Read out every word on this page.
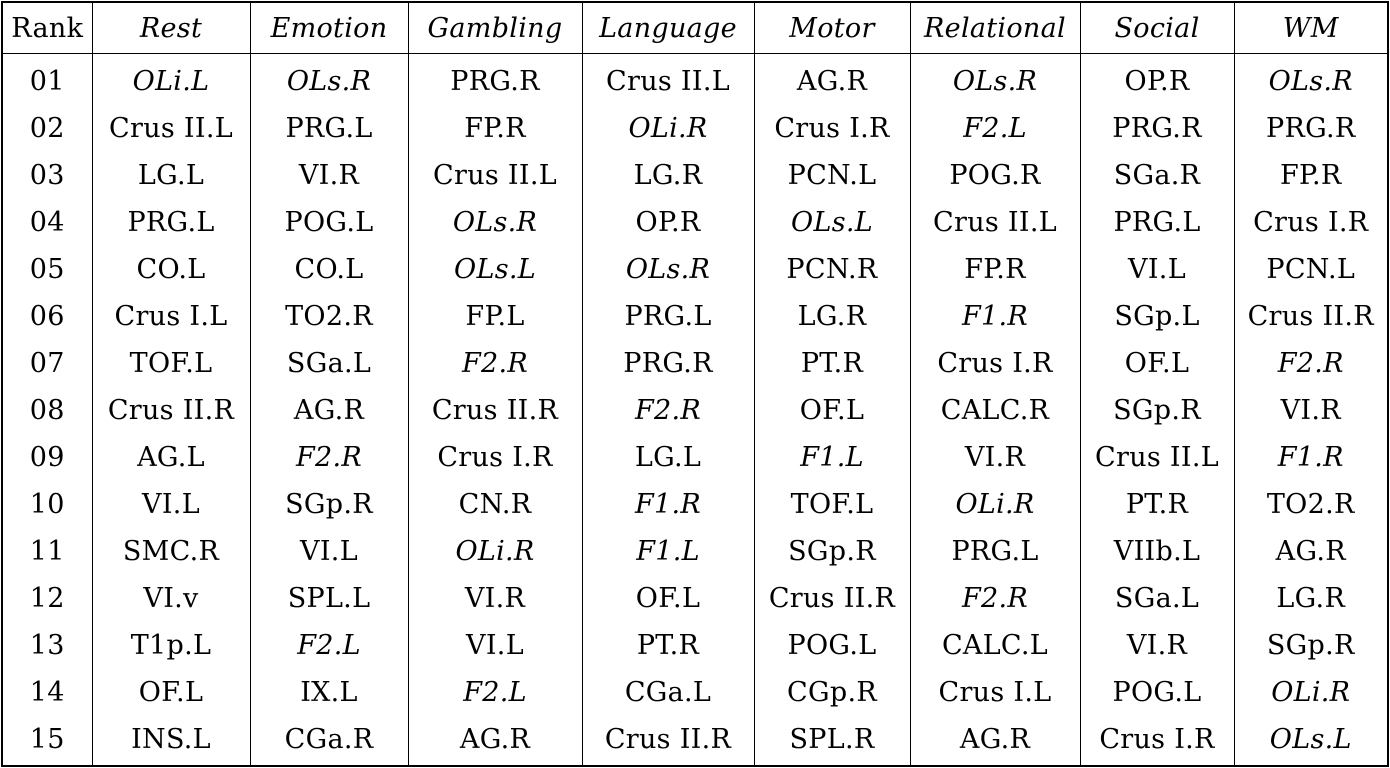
Rank	Rest	Emotion	Gambling	Language	Motor	Relational	Social	WM
01	OLi.L	OLs.R	PRG.R	Crus II.L	AG.R	OLs.R	OP.R	OLs.R
02	Crus II.L	PRG.L	FP.R	OLi.R	Crus I.R	F2.L	PRG.R	PRG.R
03	LG.L	VI.R	Crus II.L	LG.R	PCN.L	POG.R	SGa.R	FP.R
04	PRG.L	POG.L	OLs.R	OP.R	OLs.L	Crus II.L	PRG.L	Crus I.R
05	CO.L	CO.L	OLs.L	OLs.R	PCN.R	FP.R	VI.L	PCN.L
06	Crus I.L	TO2.R	FP.L	PRG.L	LG.R	F1.R	SGp.L	Crus II.R
07	TOF.L	SGa.L	F2.R	PRG.R	PT.R	Crus I.R	OF.L	F2.R
08	Crus II.R	AG.R	Crus II.R	F2.R	OF.L	CALC.R	SGp.R	VI.R
09	AG.L	F2.R	Crus I.R	LG.L	F1.L	VI.R	Crus II.L	F1.R
10	VI.L	SGp.R	CN.R	F1.R	TOF.L	OLi.R	PT.R	TO2.R
11	SMC.R	VI.L	OLi.R	F1.L	SGp.R	PRG.L	VIIb.L	AG.R
12	VI.v	SPL.L	VI.R	OF.L	Crus II.R	F2.R	SGa.L	LG.R
13	T1p.L	F2.L	VI.L	PT.R	POG.L	CALC.L	VI.R	SGp.R
14	OF.L	IX.L	F2.L	CGa.L	CGp.R	Crus I.L	POG.L	OLi.R
15	INS.L	CGa.R	AG.R	Crus II.R	SPL.R	AG.R	Crus I.R	OLs.L
